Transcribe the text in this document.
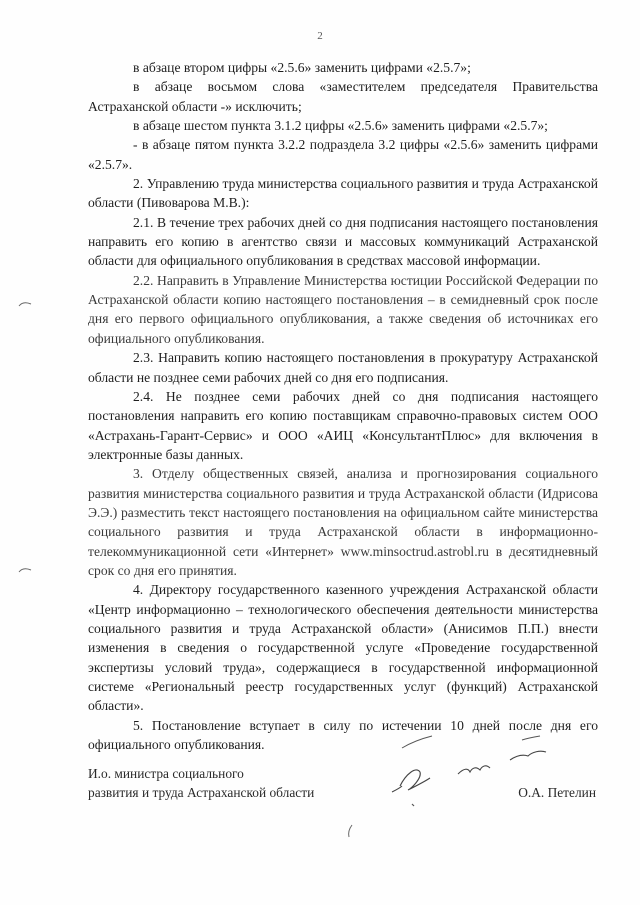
2

в абзаце втором цифры «2.5.6» заменить цифрами «2.5.7»;

в абзаце восьмом слова «заместителем председателя Правительства Астраханской области -» исключить;

в абзаце шестом пункта 3.1.2 цифры «2.5.6» заменить цифрами «2.5.7»;

- в абзаце пятом пункта 3.2.2 подраздела 3.2 цифры «2.5.6» заменить цифрами «2.5.7».

2. Управлению труда министерства социального развития и труда Астраханской области (Пивоварова М.В.):

2.1. В течение трех рабочих дней со дня подписания настоящего постановления направить его копию в агентство связи и массовых коммуникаций Астраханской области для официального опубликования в средствах массовой информации.

2.2. Направить в Управление Министерства юстиции Российской Федерации по Астраханской области копию настоящего постановления – в семидневный срок после дня его первого официального опубликования, а также сведения об источниках его официального опубликования.

2.3. Направить копию настоящего постановления в прокуратуру Астраханской области не позднее семи рабочих дней со дня его подписания.

2.4. Не позднее семи рабочих дней со дня подписания настоящего постановления направить его копию поставщикам справочно-правовых систем ООО «Астрахань-Гарант-Сервис» и ООО «АИЦ «КонсультантПлюс» для включения в электронные базы данных.

3. Отделу общественных связей, анализа и прогнозирования социального развития министерства социального развития и труда Астраханской области (Идрисова Э.Э.) разместить текст настоящего постановления на официальном сайте министерства социального развития и труда Астраханской области в информационно-телекоммуникационной сети «Интернет» www.minsoctrud.astrobl.ru в десятидневный срок со дня его принятия.

4. Директору государственного казенного учреждения Астраханской области «Центр информационно – технологического обеспечения деятельности министерства социального развития и труда Астраханской области» (Анисимов П.П.) внести изменения в сведения о государственной услуге «Проведение государственной экспертизы условий труда», содержащиеся в государственной информационной системе «Региональный реестр государственных услуг (функций) Астраханской области».

5. Постановление вступает в силу по истечении 10 дней после дня его официального опубликования.

И.о. министра социального
развития и труда Астраханской области	О.А. Петелин
